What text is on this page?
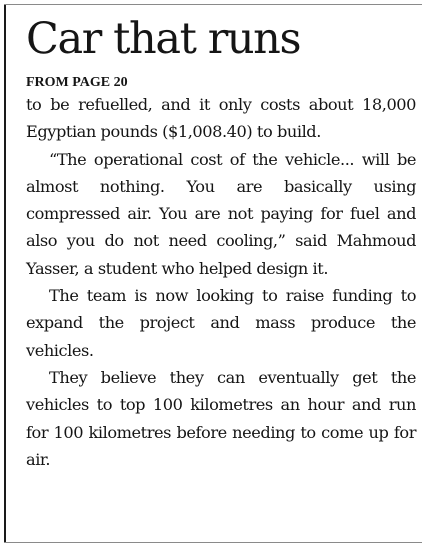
Car that runs

FROM PAGE 20

to be refuelled, and it only costs about 18,000 Egyptian pounds ($1,008.40) to build.

“The operational cost of the vehicle... will be almost nothing. You are basically using compressed air. You are not paying for fuel and also you do not need cooling,” said Mahmoud Yasser, a student who helped design it.

The team is now looking to raise funding to expand the project and mass produce the vehicles.

They believe they can eventually get the vehicles to top 100 kilometres an hour and run for 100 kilometres before needing to come up for air.
